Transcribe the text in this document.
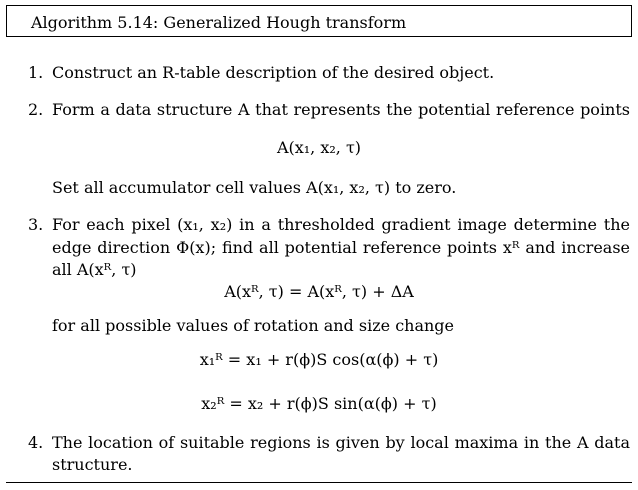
Algorithm 5.14: Generalized Hough transform
1. Construct an R-table description of the desired object.
2. Form a data structure A that represents the potential reference points
A(x₁, x₂, τ)
Set all accumulator cell values A(x₁, x₂, τ) to zero.
3. For each pixel (x₁, x₂) in a thresholded gradient image determine the
edge direction Φ(x); find all potential reference points xᴿ and increase
all A(xᴿ, τ)
A(xᴿ, τ) = A(xᴿ, τ) + ΔA
for all possible values of rotation and size change
x₁ᴿ = x₁ + r(ϕ)S cos(α(ϕ) + τ)
x₂ᴿ = x₂ + r(ϕ)S sin(α(ϕ) + τ)
4. The location of suitable regions is given by local maxima in the A data
structure.
